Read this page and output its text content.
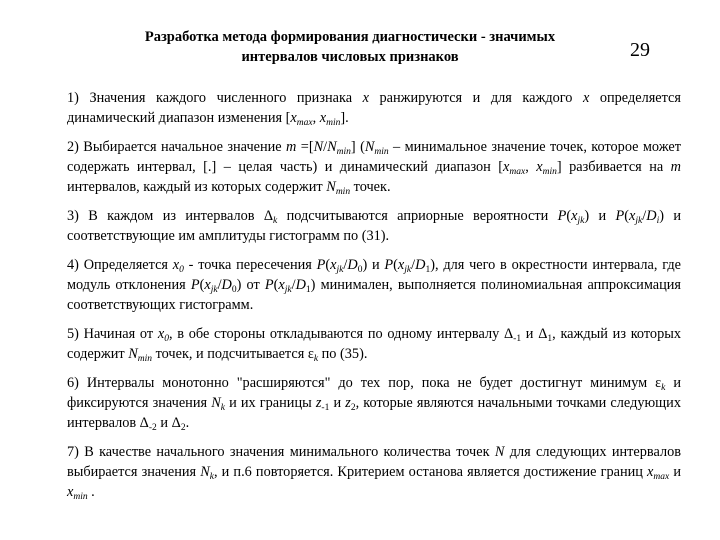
Разработка метода формирования диагностически - значимых
интервалов числовых признаков	29

1) Значения каждого численного признака x ранжируются и для каждого x определяется динамический диапазон изменения [$x_{max}$, $x_{min}$].

2) Выбирается начальное значение $m =[N/N_{min}]$ ($N_{min}$ – минимальное значение точек, которое может содержать интервал, [.] – целая часть) и динамический диапазон [$x_{max}$, $x_{min}$] разбивается на m интервалов, каждый из которых содержит $N_{min}$ точек.

3) В каждом из интервалов $\Delta_k$ подсчитываются априорные вероятности $P(x_{jk})$ и $P(x_{jk}/D_i)$ и соответствующие им амплитуды гистограмм по (31).

4) Определяется $x_0$ - точка пересечения $P(x_{jk}/D_0)$ и $P(x_{jk}/D_1)$, для чего в окрестности интервала, где модуль отклонения $P(x_{jk}/D_0)$ от $P(x_{jk}/D_1)$ минимален, выполняется полиномиальная аппроксимация соответствующих гистограмм.

5) Начиная от $x_0$, в обе стороны откладываются по одному интервалу $\Delta_{-1}$ и $\Delta_1$, каждый из которых содержит $N_{min}$ точек, и подсчитывается $\varepsilon_k$ по (35).

6) Интервалы монотонно "расширяются" до тех пор, пока не будет достигнут минимум $\varepsilon_k$ и фиксируются значения $N_k$ и их границы $z_{-1}$ и $z_2$, которые являются начальными точками следующих интервалов $\Delta_{-2}$ и $\Delta_2$.

7) В качестве начального значения минимального количества точек N для следующих интервалов выбирается значения $N_k$, и п.6 повторяется. Критерием останова является достижение границ $x_{max}$ и $x_{min}$ .
